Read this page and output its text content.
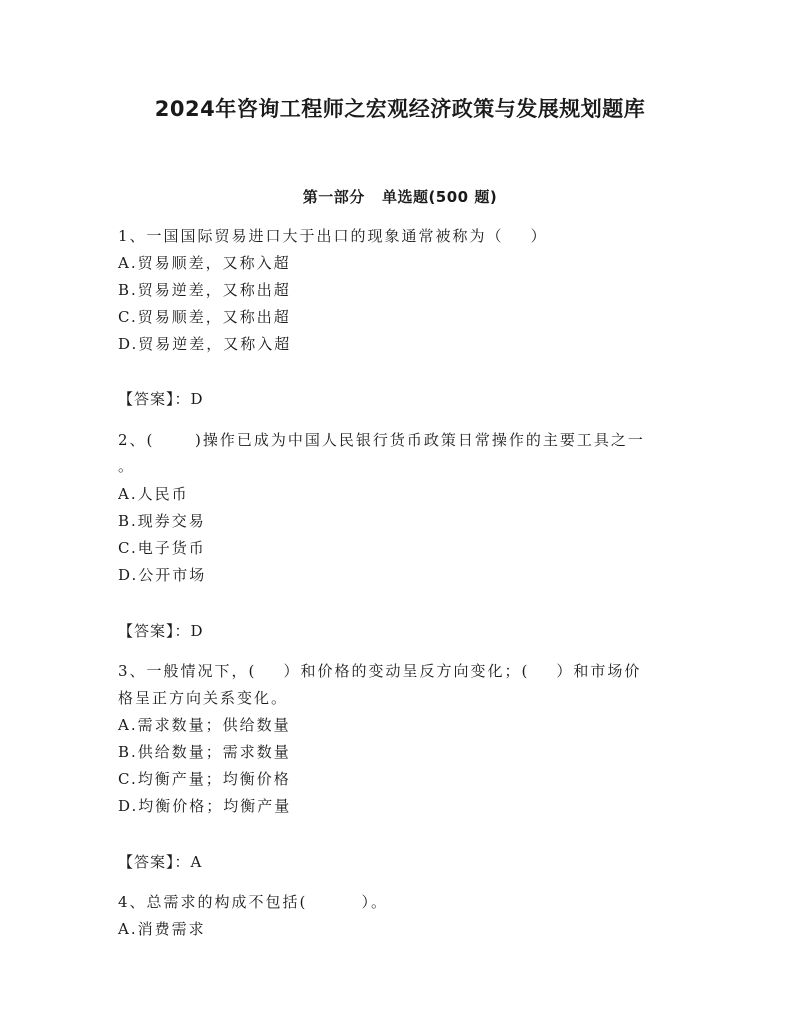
2024年咨询工程师之宏观经济政策与发展规划题库
第一部分   单选题(500 题)
1、一国国际贸易进口大于出口的现象通常被称为（    ）
A.贸易顺差，又称入超
B.贸易逆差，又称出超
C.贸易顺差，又称出超
D.贸易逆差，又称入超
【答案】：D
2、(      )操作已成为中国人民银行货币政策日常操作的主要工具之一
。
A.人民币
B.现券交易
C.电子货币
D.公开市场
【答案】：D
3、一般情况下，(    ）和价格的变动呈反方向变化；(    ）和市场价
格呈正方向关系变化。
A.需求数量；供给数量
B.供给数量；需求数量
C.均衡产量；均衡价格
D.均衡价格；均衡产量
【答案】：A
4、总需求的构成不包括(        ）。
A.消费需求
